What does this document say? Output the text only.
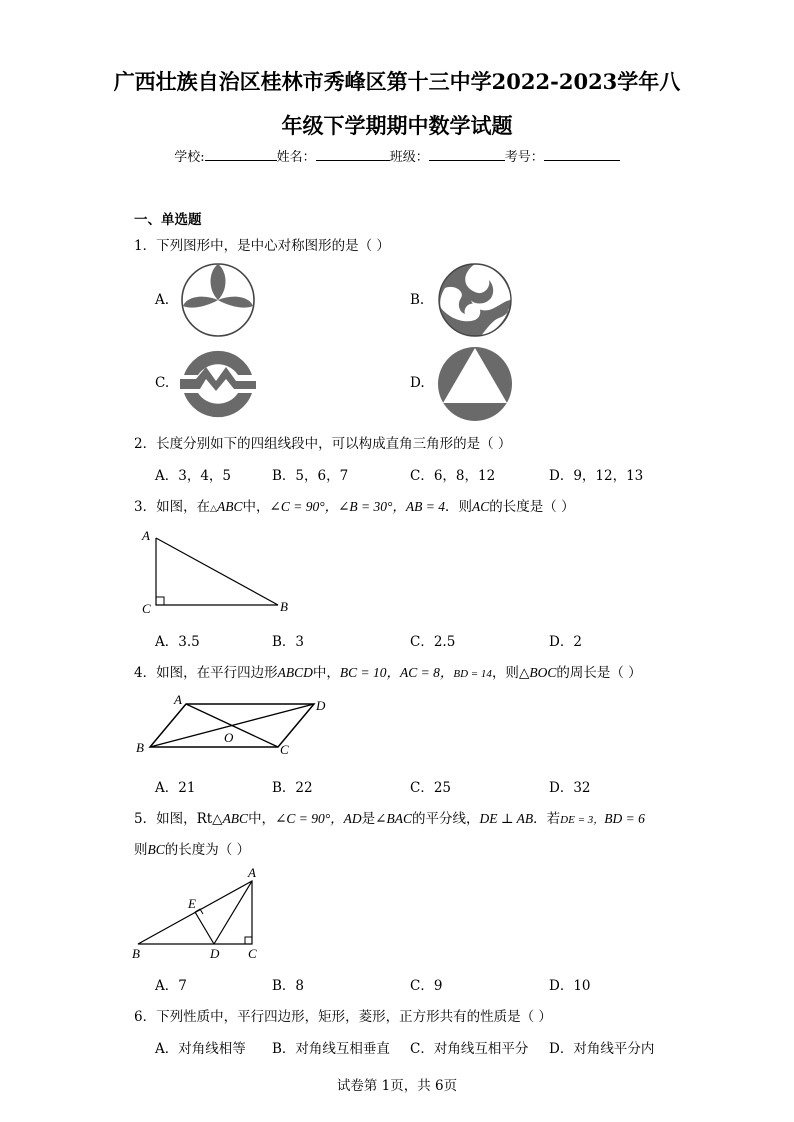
广西壮族自治区桂林市秀峰区第十三中学2022-2023学年八
年级下学期期中数学试题
学校:	姓名：	班级：	考号：
一、单选题
1．下列图形中，是中心对称图形的是（ ）
A.	B.
C.	D.
2．长度分别如下的四组线段中，可以构成直角三角形的是（ ）
A．3，4，5	B．5，6，7	C．6，8，12	D．9，12，13
3．如图，在△ABC中，∠C = 90°，∠B = 30°，AB = 4．则AC的长度是（ ）
A
C	B
A．3.5	B．3	C．2.5	D．2
4．如图，在平行四边形ABCD中，BC = 10，AC = 8，BD = 14，则△BOC的周长是（ ）
A	D
B	C
O
A．21	B．22	C．25	D．32
5．如图，Rt△ABC中，∠C = 90°，AD是∠BAC的平分线，DE ⊥ AB．若DE = 3，BD = 6
则BC的长度为（ ）
A
E
B	D C
A．7	B．8	C．9	D．10
6．下列性质中，平行四边形，矩形，菱形，正方形共有的性质是（ ）
A．对角线相等 B．对角线互相垂直 C．对角线互相平分 D．对角线平分内
试卷第 1页，共 6页
